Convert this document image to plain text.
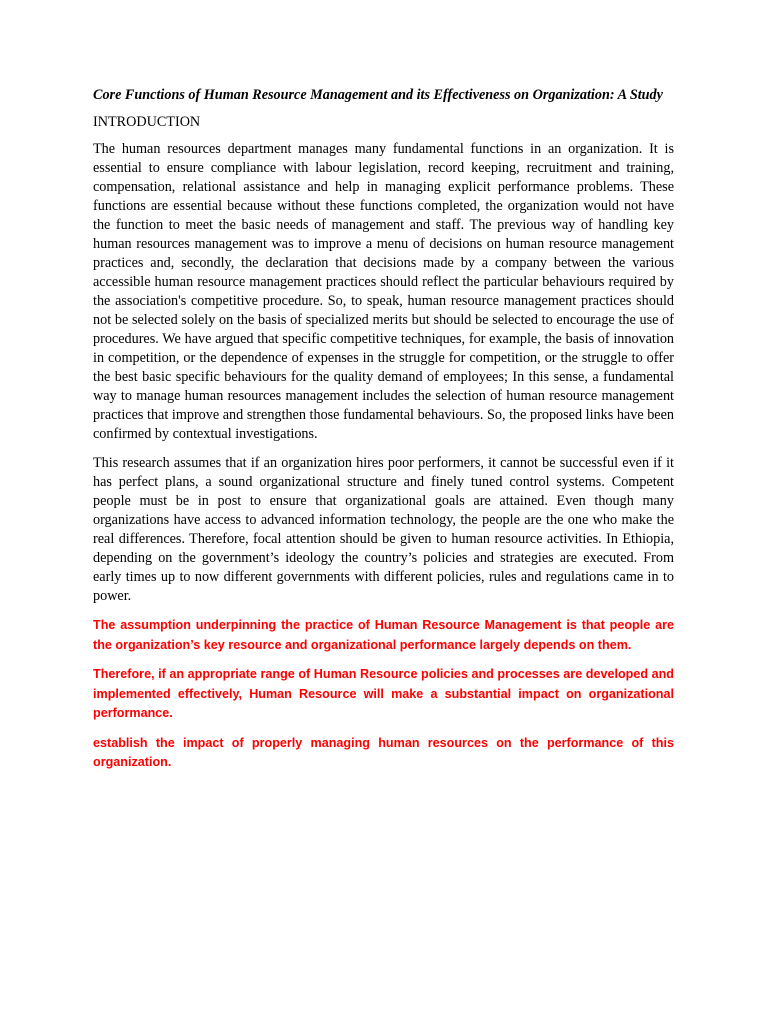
Core Functions of Human Resource Management and its Effectiveness on Organization: A Study

INTRODUCTION

The human resources department manages many fundamental functions in an organization. It is essential to ensure compliance with labour legislation, record keeping, recruitment and training, compensation, relational assistance and help in managing explicit performance problems. These functions are essential because without these functions completed, the organization would not have the function to meet the basic needs of management and staff. The previous way of handling key human resources management was to improve a menu of decisions on human resource management practices and, secondly, the declaration that decisions made by a company between the various accessible human resource management practices should reflect the particular behaviours required by the association's competitive procedure. So, to speak, human resource management practices should not be selected solely on the basis of specialized merits but should be selected to encourage the use of procedures. We have argued that specific competitive techniques, for example, the basis of innovation in competition, or the dependence of expenses in the struggle for competition, or the struggle to offer the best basic specific behaviours for the quality demand of employees; In this sense, a fundamental way to manage human resources management includes the selection of human resource management practices that improve and strengthen those fundamental behaviours. So, the proposed links have been confirmed by contextual investigations.

This research assumes that if an organization hires poor performers, it cannot be successful even if it has perfect plans, a sound organizational structure and finely tuned control systems. Competent people must be in post to ensure that organizational goals are attained. Even though many organizations have access to advanced information technology, the people are the one who make the real differences. Therefore, focal attention should be given to human resource activities. In Ethiopia, depending on the government’s ideology the country’s policies and strategies are executed. From early times up to now different governments with different policies, rules and regulations came in to power.

The assumption underpinning the practice of Human Resource Management is that people are the organization’s key resource and organizational performance largely depends on them.

Therefore, if an appropriate range of Human Resource policies and processes are developed and implemented effectively, Human Resource will make a substantial impact on organizational performance.

establish the impact of properly managing human resources on the performance of this organization.
